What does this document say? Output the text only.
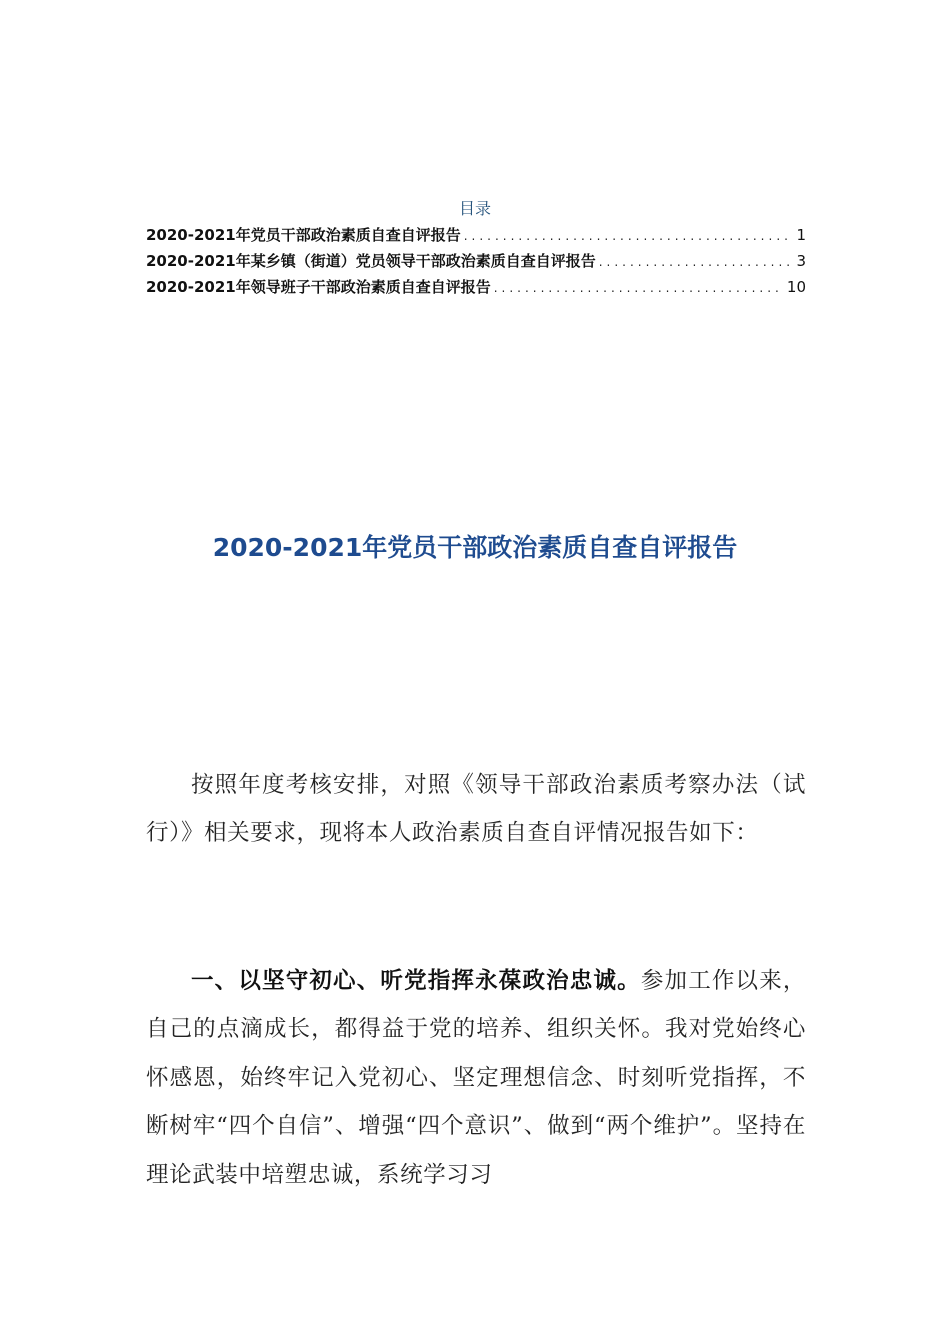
目录
2020-2021年党员干部政治素质自查自评报告 .....	1
2020-2021年某乡镇（街道）党员领导干部政治素质自查自评报告 .....	3
2020-2021年领导班子干部政治素质自查自评报告 .....	10
2020-2021年党员干部政治素质自查自评报告

按照年度考核安排，对照《领导干部政治素质考察办法（试行）》相关要求，现将本人政治素质自查自评情况报告如下：

一、以坚守初心、听党指挥永葆政治忠诚。参加工作以来，自己的点滴成长，都得益于党的培养、组织关怀。我对党始终心怀感恩，始终牢记入党初心、坚定理想信念、时刻听党指挥，不断树牢“四个自信”、增强“四个意识”、做到“两个维护”。坚持在理论武装中培塑忠诚，系统学习习
